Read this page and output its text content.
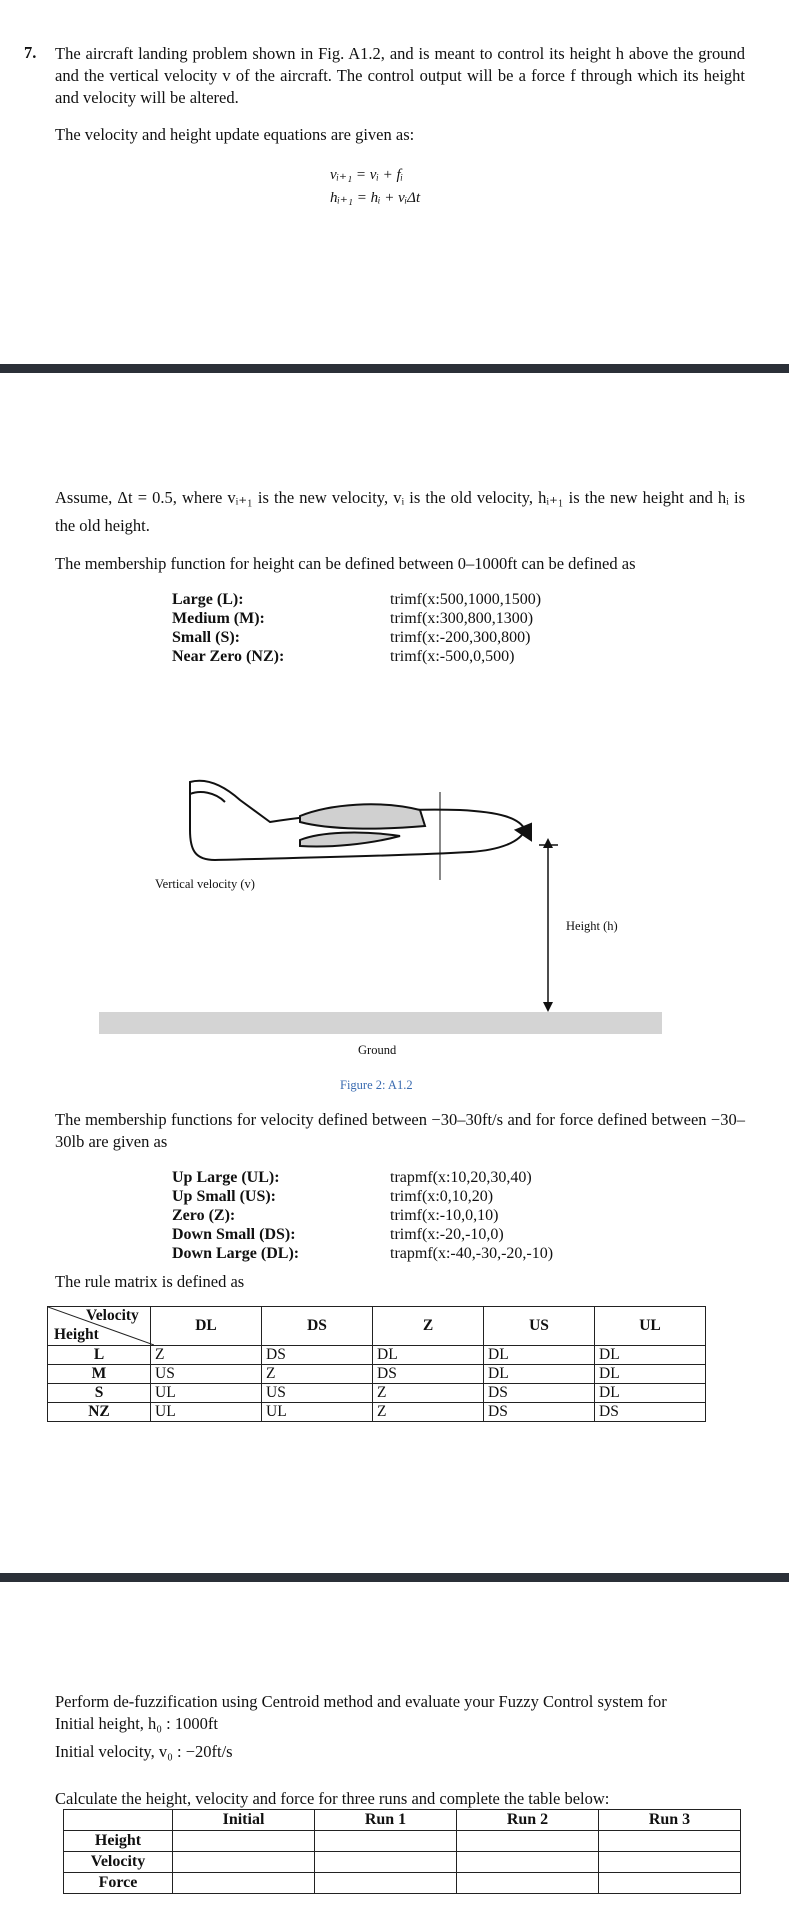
7. The aircraft landing problem shown in Fig. A1.2, and is meant to control its height h above the ground and the vertical velocity v of the aircraft. The control output will be a force f through which its height and velocity will be altered.
The velocity and height update equations are given as:
vᵢ₊₁ = vᵢ + fᵢ
hᵢ₊₁ = hᵢ + vᵢΔt
Assume, Δt = 0.5, where vᵢ₊₁ is the new velocity, vᵢ is the old velocity, hᵢ₊₁ is the new height and hᵢ is the old height.
The membership function for height can be defined between 0–1000ft can be defined as
Large (L):	trimf(x:500,1000,1500)
Medium (M):	trimf(x:300,800,1300)
Small (S):	trimf(x:-200,300,800)
Near Zero (NZ):	trimf(x:-500,0,500)
Vertical velocity (v)
Height (h)
Ground
Figure 2: A1.2
The membership functions for velocity defined between −30–30ft/s and for force defined between −30–30lb are given as
Up Large (UL):	trapmf(x:10,20,30,40)
Up Small (US):	trimf(x:0,10,20)
Zero (Z):	trimf(x:-10,0,10)
Down Small (DS):	trimf(x:-20,-10,0)
Down Large (DL):	trapmf(x:-40,-30,-20,-10)
The rule matrix is defined as
Velocity
Height	DL	DS	Z	US	UL
L	Z	DS	DL	DL	DL
M	US	Z	DS	DL	DL
S	UL	US	Z	DS	DL
NZ	UL	UL	Z	DS	DS
Perform de-fuzzification using Centroid method and evaluate your Fuzzy Control system for
Initial height, h₀ : 1000ft
Initial velocity, v₀ : −20ft/s
Calculate the height, velocity and force for three runs and complete the table below:
	Initial	Run 1	Run 2	Run 3
Height				
Velocity				
Force				
